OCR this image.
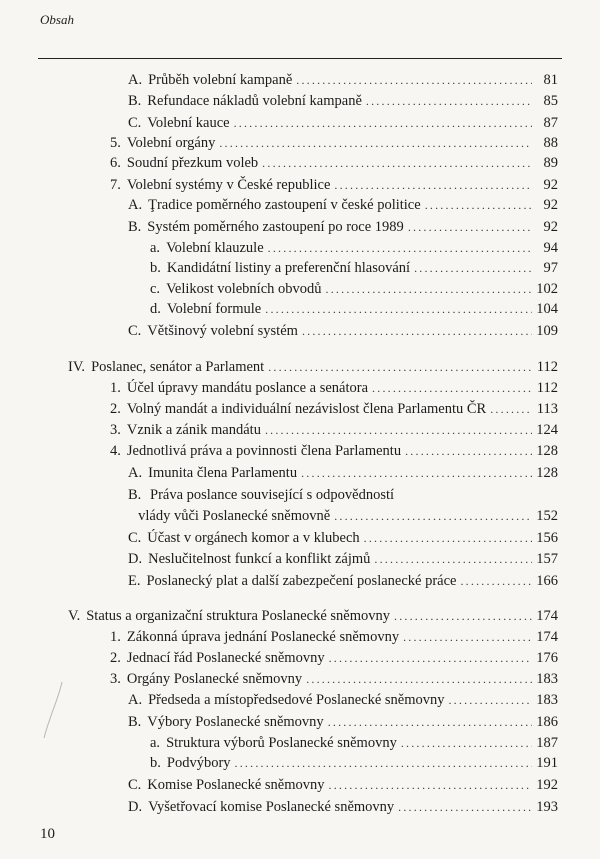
Obsah
A. Průběh volební kampaně .....	81
B. Refundace nákladů volební kampaně .....	85
C. Volební kauce .....	87
5. Volební orgány .....	88
6. Soudní přezkum voleb .....	89
7. Volební systémy v České republice .....	92
A. Ţradice poměrného zastoupení v české politice .....	92
B. Systém poměrného zastoupení po roce 1989 .....	92
a. Volební klauzule .....	94
b. Kandidátní listiny a preferenční hlasování .....	97
c. Velikost volebních obvodů .....	102
d. Volební formule .....	104
C. Většinový volební systém .....	109
IV. Poslanec, senátor a Parlament .....	112
1. Účel úpravy mandátu poslance a senátora .....	112
2. Volný mandát a individuální nezávislost člena Parlamentu ČR .....	113
3. Vznik a zánik mandátu .....	124
4. Jednotlivá práva a povinnosti člena Parlamentu .....	128
A. Imunita člena Parlamentu .....	128
B. Práva poslance související s odpovědností
vlády vůči Poslanecké sněmovně .....	152
C. Účast v orgánech komor a v klubech .....	156
D. Neslučitelnost funkcí a konflikt zájmů .....	157
E. Poslanecký plat a další zabezpečení poslanecké práce .....	166
V. Status a organizační struktura Poslanecké sněmovny .....	174
1. Zákonná úprava jednání Poslanecké sněmovny .....	174
2. Jednací řád Poslanecké sněmovny .....	176
3. Orgány Poslanecké sněmovny .....	183
A. Předseda a místopředsedové Poslanecké sněmovny .....	183
B. Výbory Poslanecké sněmovny .....	186
a. Struktura výborů Poslanecké sněmovny .....	187
b. Podvýbory .....	191
C. Komise Poslanecké sněmovny .....	192
D. Vyšetřovací komise Poslanecké sněmovny .....	193
10
